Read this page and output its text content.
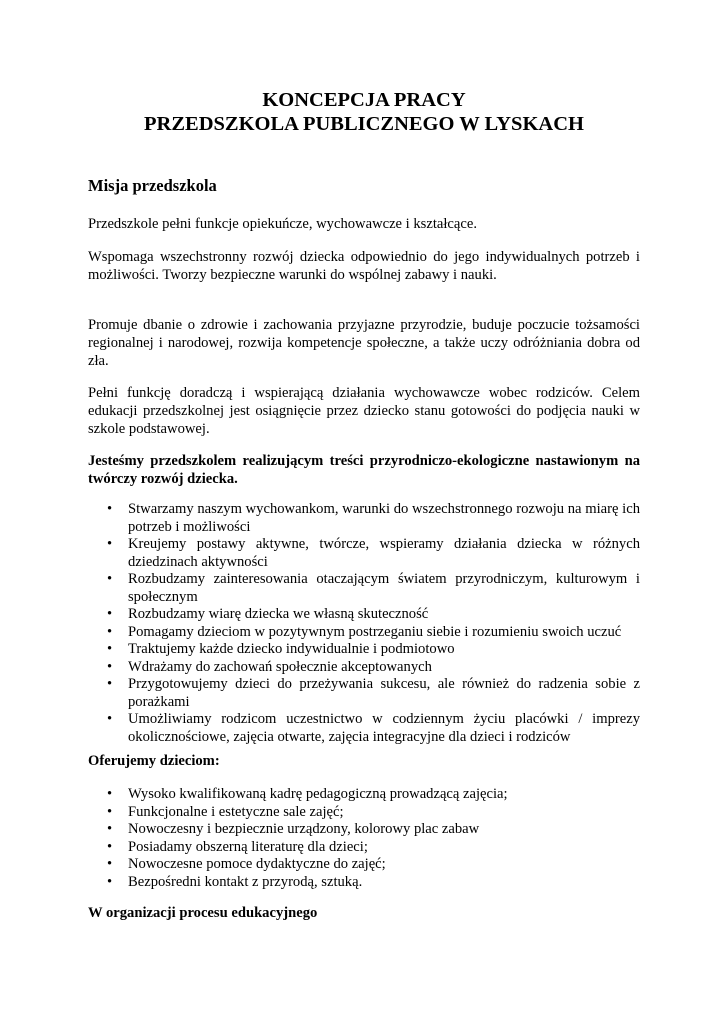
KONCEPCJA PRACY
PRZEDSZKOLA PUBLICZNEGO W LYSKACH
Misja przedszkola
Przedszkole pełni funkcje opiekuńcze, wychowawcze i kształcące.
Wspomaga wszechstronny rozwój dziecka odpowiednio do jego indywidualnych potrzeb i możliwości. Tworzy bezpieczne warunki do wspólnej zabawy i nauki.
Promuje dbanie o zdrowie i zachowania przyjazne przyrodzie, buduje poczucie tożsamości regionalnej i narodowej, rozwija kompetencje społeczne, a także uczy odróżniania dobra od zła.
Pełni funkcję doradczą i wspierającą działania wychowawcze wobec rodziców. Celem edukacji przedszkolnej jest osiągnięcie przez dziecko stanu gotowości do podjęcia nauki w szkole podstawowej.
Jesteśmy przedszkolem realizującym treści przyrodniczo-ekologiczne nastawionym na twórczy rozwój dziecka.
• Stwarzamy naszym wychowankom, warunki do wszechstronnego rozwoju na miarę ich potrzeb i możliwości
• Kreujemy postawy aktywne, twórcze, wspieramy działania dziecka w różnych dziedzinach aktywności
• Rozbudzamy zainteresowania otaczającym światem przyrodniczym, kulturowym i społecznym
• Rozbudzamy wiarę dziecka we własną skuteczność
• Pomagamy dzieciom w pozytywnym postrzeganiu siebie i rozumieniu swoich uczuć
• Traktujemy każde dziecko indywidualnie i podmiotowo
• Wdrażamy do zachowań społecznie akceptowanych
• Przygotowujemy dzieci do przeżywania sukcesu, ale również do radzenia sobie z porażkami
• Umożliwiamy rodzicom uczestnictwo w codziennym życiu placówki / imprezy okolicznościowe, zajęcia otwarte, zajęcia integracyjne dla dzieci i rodziców
Oferujemy dzieciom:
• Wysoko kwalifikowaną kadrę pedagogiczną prowadzącą zajęcia;
• Funkcjonalne i estetyczne sale zajęć;
• Nowoczesny i bezpiecznie urządzony, kolorowy plac zabaw
• Posiadamy obszerną literaturę dla dzieci;
• Nowoczesne pomoce dydaktyczne do zajęć;
• Bezpośredni kontakt z przyrodą, sztuką.
W organizacji procesu edukacyjnego
